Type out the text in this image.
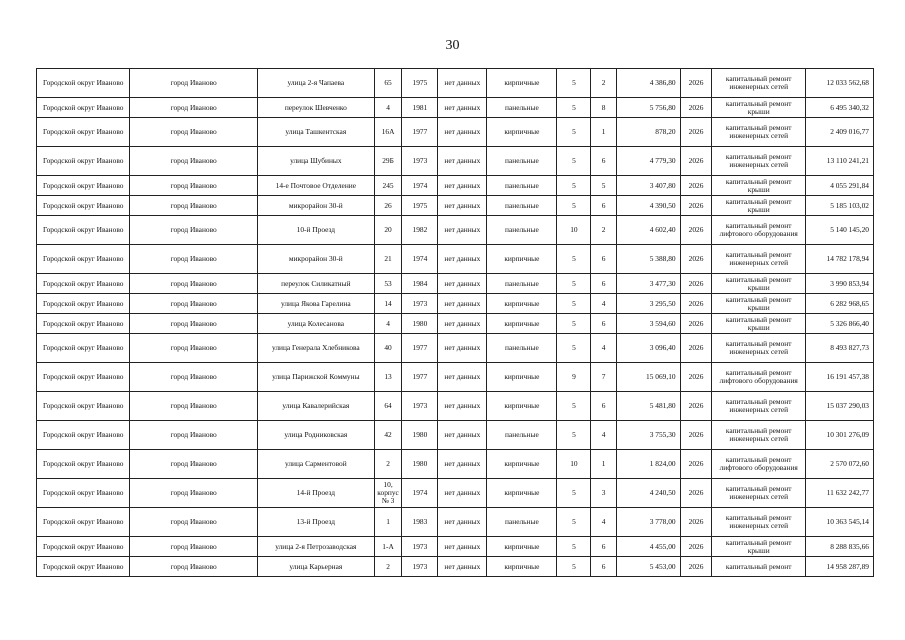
30
Городской округ Иваново	город Иваново	улица 2-я Чапаева	65	1975	нет данных	кирпичные	5	2	4 386,80	2026	капитальный ремонт инженерных сетей	12 033 562,68
Городской округ Иваново	город Иваново	переулок Шевченко	4	1981	нет данных	панельные	5	8	5 756,80	2026	капитальный ремонт крыши	6 495 340,32
Городской округ Иваново	город Иваново	улица Ташкентская	16А	1977	нет данных	кирпичные	5	1	878,20	2026	капитальный ремонт инженерных сетей	2 409 016,77
Городской округ Иваново	город Иваново	улица Шубиных	29Б	1973	нет данных	панельные	5	6	4 779,30	2026	капитальный ремонт инженерных сетей	13 110 241,21
Городской округ Иваново	город Иваново	14-е Почтовое Отделение	245	1974	нет данных	панельные	5	5	3 407,80	2026	капитальный ремонт крыши	4 055 291,84
Городской округ Иваново	город Иваново	микрорайон 30-й	26	1975	нет данных	панельные	5	6	4 390,50	2026	капитальный ремонт крыши	5 185 103,02
Городской округ Иваново	город Иваново	10-й Проезд	20	1982	нет данных	панельные	10	2	4 602,40	2026	капитальный ремонт лифтового оборудования	5 140 145,20
Городской округ Иваново	город Иваново	микрорайон 30-й	21	1974	нет данных	кирпичные	5	6	5 388,80	2026	капитальный ремонт инженерных сетей	14 782 178,94
Городской округ Иваново	город Иваново	переулок Силикатный	53	1984	нет данных	панельные	5	6	3 477,30	2026	капитальный ремонт крыши	3 990 853,94
Городской округ Иваново	город Иваново	улица Якова Гарелина	14	1973	нет данных	кирпичные	5	4	3 295,50	2026	капитальный ремонт крыши	6 282 968,65
Городской округ Иваново	город Иваново	улица Колесанова	4	1980	нет данных	кирпичные	5	6	3 594,60	2026	капитальный ремонт крыши	5 326 866,40
Городской округ Иваново	город Иваново	улица Генерала Хлебникова	40	1977	нет данных	панельные	5	4	3 096,40	2026	капитальный ремонт инженерных сетей	8 493 827,73
Городской округ Иваново	город Иваново	улица Парижской Коммуны	13	1977	нет данных	кирпичные	9	7	15 069,10	2026	капитальный ремонт лифтового оборудования	16 191 457,38
Городской округ Иваново	город Иваново	улица Кавалерийская	64	1973	нет данных	кирпичные	5	6	5 481,80	2026	капитальный ремонт инженерных сетей	15 037 290,03
Городской округ Иваново	город Иваново	улица Родниковская	42	1980	нет данных	панельные	5	4	3 755,30	2026	капитальный ремонт инженерных сетей	10 301 276,09
Городской округ Иваново	город Иваново	улица Сарментовой	2	1980	нет данных	кирпичные	10	1	1 824,00	2026	капитальный ремонт лифтового оборудования	2 570 072,60
Городской округ Иваново	город Иваново	14-й Проезд	10, корпус № 3	1974	нет данных	кирпичные	5	3	4 240,50	2026	капитальный ремонт инженерных сетей	11 632 242,77
Городской округ Иваново	город Иваново	13-й Проезд	1	1983	нет данных	панельные	5	4	3 778,00	2026	капитальный ремонт инженерных сетей	10 363 545,14
Городской округ Иваново	город Иваново	улица 2-я Петрозаводская	1-А	1973	нет данных	кирпичные	5	6	4 455,00	2026	капитальный ремонт крыши	8 288 835,66
Городской округ Иваново	город Иваново	улица Карьерная	2	1973	нет данных	кирпичные	5	6	5 453,00	2026	капитальный ремонт	14 958 287,89
